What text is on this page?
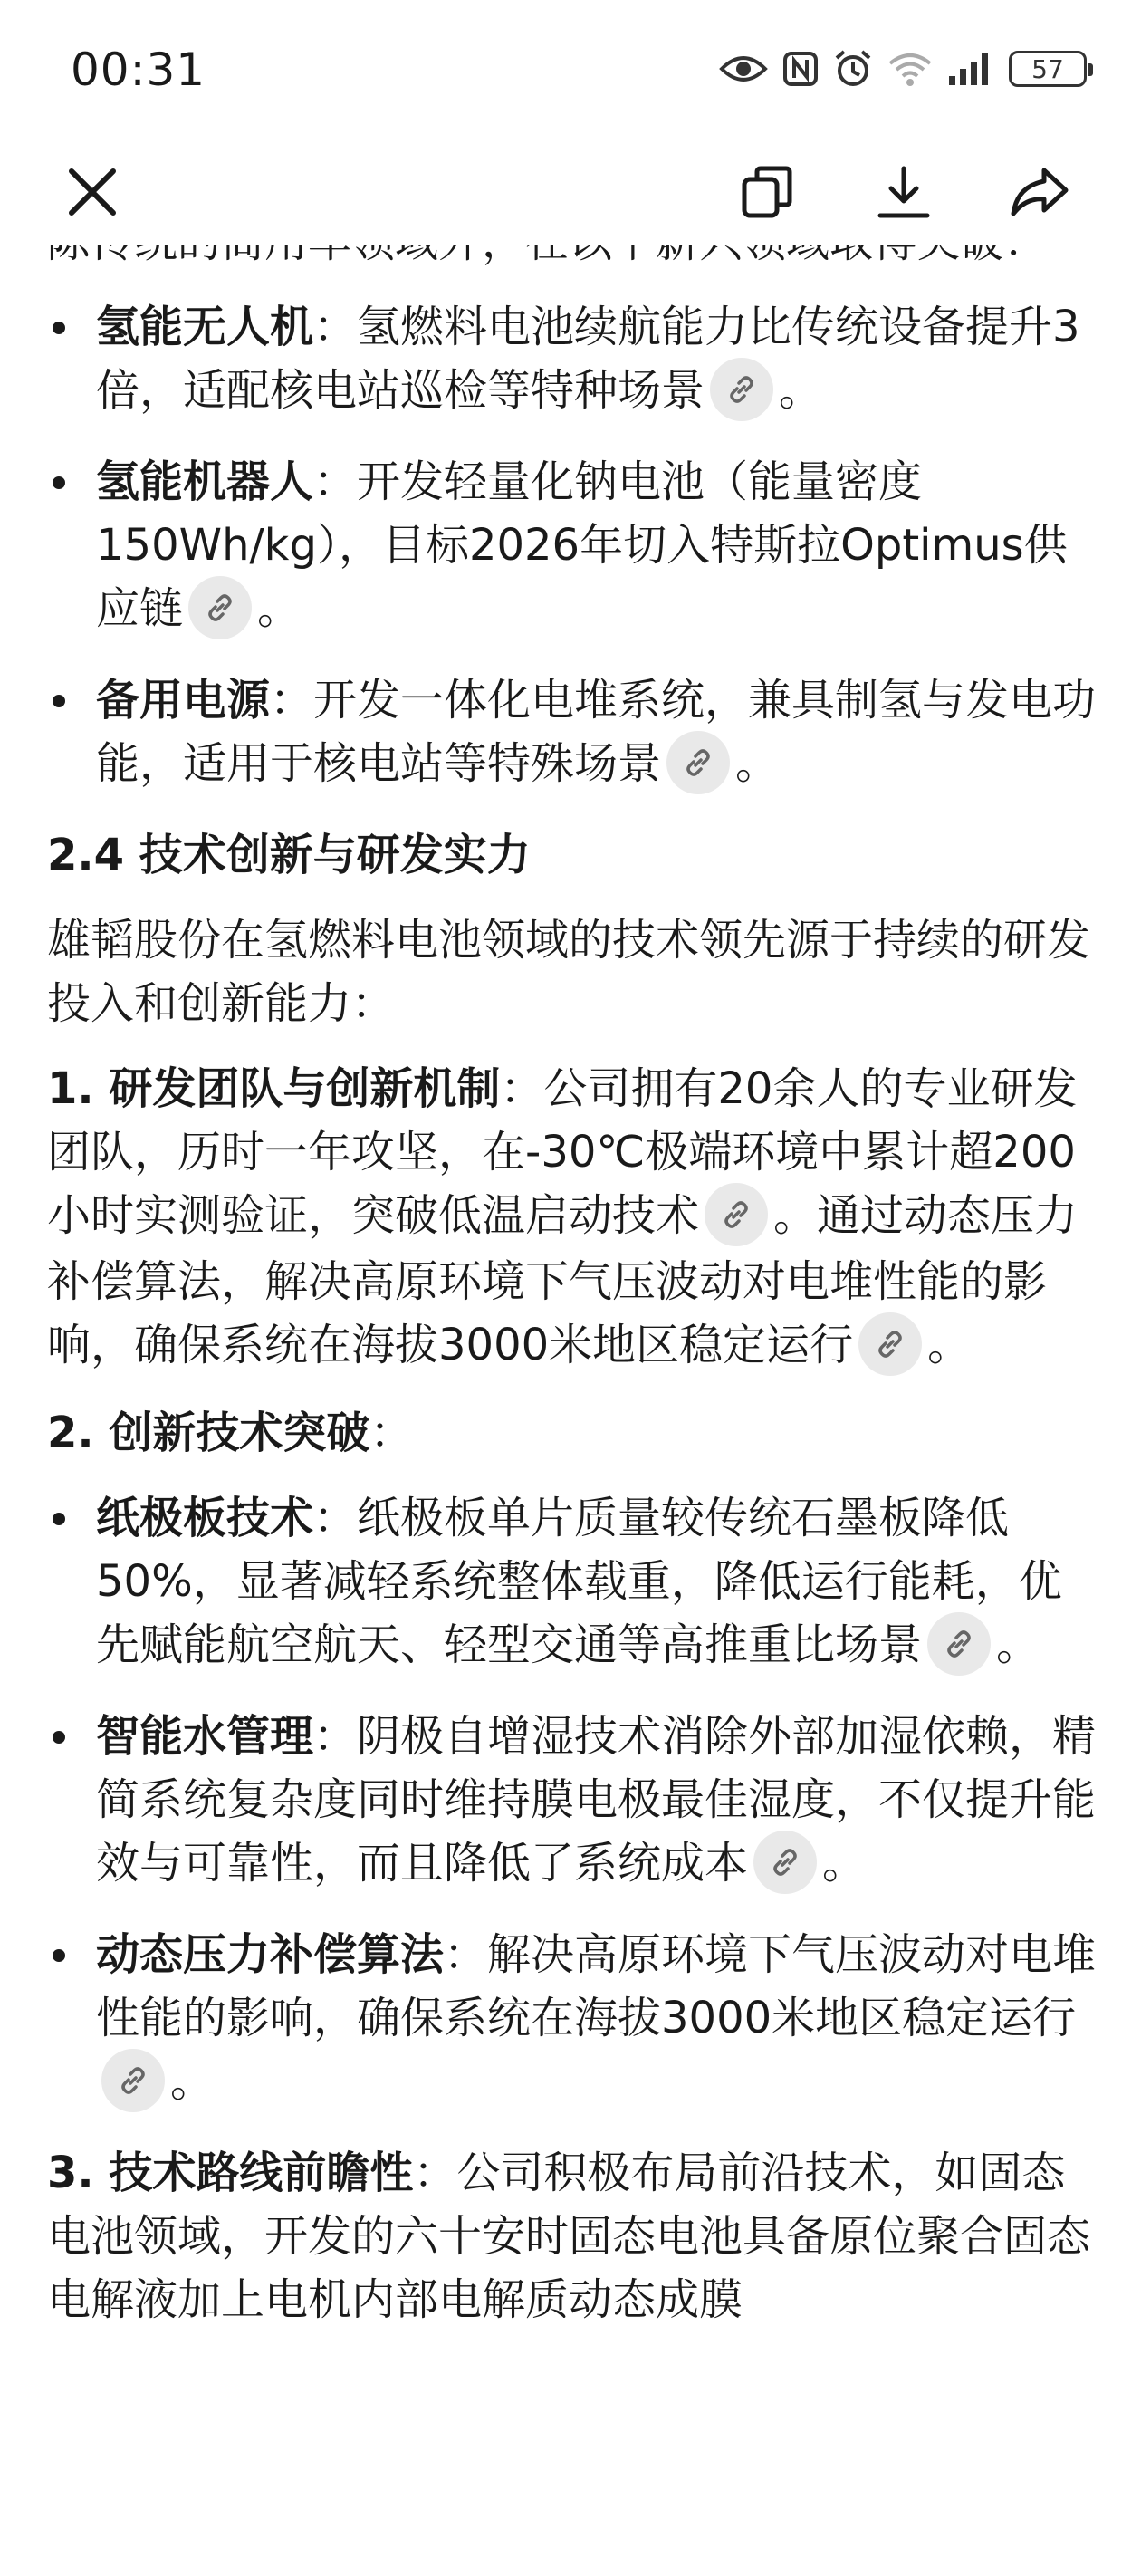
00:31	57

氢能无人机：氢燃料电池续航能力比传统设备提升3倍，适配核电站巡检等特种场景 。
氢能机器人：开发轻量化钠电池（能量密度150Wh/kg），目标2026年切入特斯拉Optimus供应链 。
备用电源：开发一体化电堆系统，兼具制氢与发电功能，适用于核电站等特殊场景 。
2.4 技术创新与研发实力

雄韬股份在氢燃料电池领域的技术领先源于持续的研发投入和创新能力：

1. 研发团队与创新机制：公司拥有20余人的专业研发团队，历时一年攻坚，在-30℃极端环境中累计超200小时实测验证，突破低温启动技术 。通过动态压力补偿算法，解决高原环境下气压波动对电堆性能的影响，确保系统在海拔3000米地区稳定运行 。

2. 创新技术突破：

纸极板技术：纸极板单片质量较传统石墨板降低50%，显著减轻系统整体载重，降低运行能耗，优先赋能航空航天、轻型交通等高推重比场景 。
智能水管理：阴极自增湿技术消除外部加湿依赖，精简系统复杂度同时维持膜电极最佳湿度，不仅提升能效与可靠性，而且降低了系统成本 。
动态压力补偿算法：解决高原环境下气压波动对电堆性能的影响，确保系统在海拔3000米地区稳定运行
。

3. 技术路线前瞻性：公司积极布局前沿技术，如固态电池领域，开发的六十安时固态电池具备原位聚合固态电解液加上电机内部电解质动态成膜
